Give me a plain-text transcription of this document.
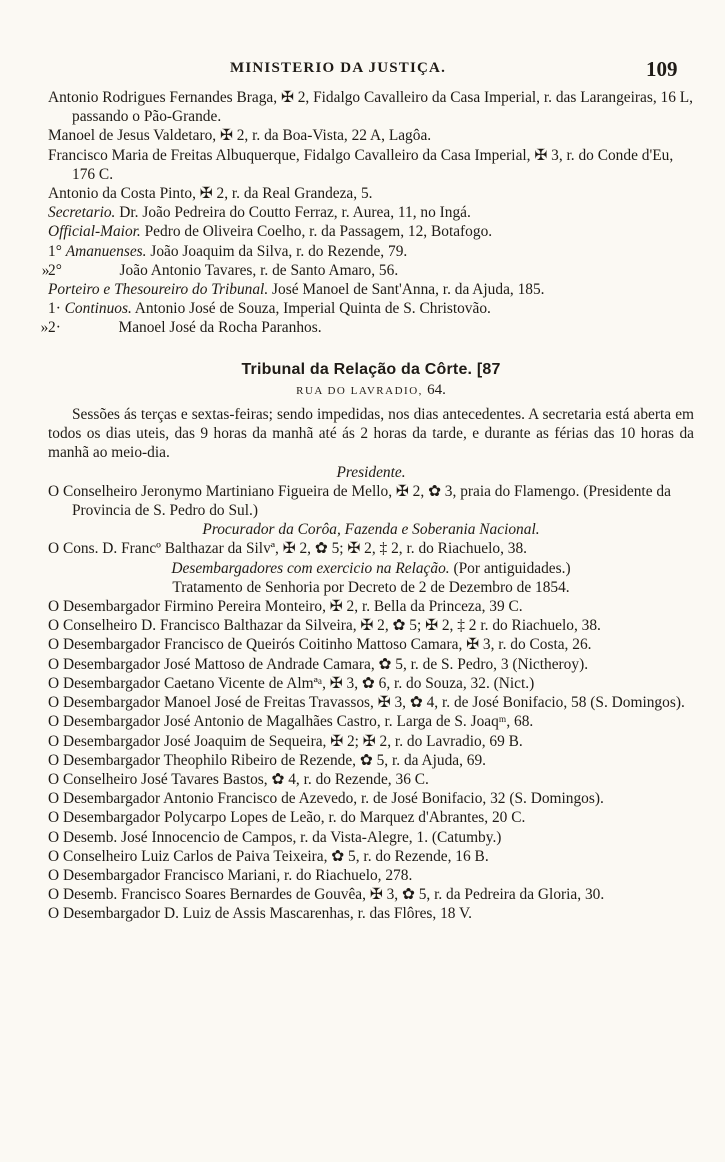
MINISTERIO DA JUSTIÇA.	109

Antonio Rodrigues Fernandes Braga, ✠ 2, Fidalgo Cavalleiro da Casa Imperial, r. das Larangeiras, 16 L, passando o Pão-Grande.

Manoel de Jesus Valdetaro, ✠ 2, r. da Boa-Vista, 22 A, Lagôa.

Francisco Maria de Freitas Albuquerque, Fidalgo Cavalleiro da Casa Imperial, ✠ 3, r. do Conde d'Eu, 176 C.

Antonio da Costa Pinto, ✠ 2, r. da Real Grandeza, 5.

Secretario. Dr. João Pedreira do Coutto Ferraz, r. Aurea, 11, no Ingá.

Official-Maior. Pedro de Oliveira Coelho, r. da Passagem, 12, Botafogo.

1° Amanuenses. João Joaquim da Silva, r. do Rezende, 79.

2° »	João Antonio Tavares, r. de Santo Amaro, 56.

Porteiro e Thesoureiro do Tribunal. José Manoel de Sant'Anna, r. da Ajuda, 185.

1· Continuos. Antonio José de Souza, Imperial Quinta de S. Christovão.

2· »	Manoel José da Rocha Paranhos.

Tribunal da Relação da Côrte. [87
RUA DO LAVRADIO, 64.

Sessões ás terças e sextas-feiras; sendo impedidas, nos dias antecedentes. A secretaria está aberta em todos os dias uteis, das 9 horas da manhã até ás 2 horas da tarde, e durante as férias das 10 horas da manhã ao meio-dia.

Presidente.

O Conselheiro Jeronymo Martiniano Figueira de Mello, ✠ 2, ✿ 3, praia do Flamengo. (Presidente da Provincia de S. Pedro do Sul.)

Procurador da Corôa, Fazenda e Soberania Nacional.

O Cons. D. Francº Balthazar da Silvª, ✠ 2, ✿ 5; ✠ 2, ‡ 2, r. do Riachuelo, 38.

Desembargadores com exercicio na Relação. (Por antiguidades.)
Tratamento de Senhoria por Decreto de 2 de Dezembro de 1854.

O Desembargador Firmino Pereira Monteiro, ✠ 2, r. Bella da Princeza, 39 C.

O Conselheiro D. Francisco Balthazar da Silveira, ✠ 2, ✿ 5; ✠ 2, ‡ 2 r. do Riachuelo, 38.

O Desembargador Francisco de Queirós Coitinho Mattoso Camara, ✠ 3, r. do Costa, 26.

O Desembargador José Mattoso de Andrade Camara, ✿ 5, r. de S. Pedro, 3 (Nictheroy).

O Desembargador Caetano Vicente de Almªᵃ, ✠ 3, ✿ 6, r. do Souza, 32. (Nict.)

O Desembargador Manoel José de Freitas Travassos, ✠ 3, ✿ 4, r. de José Bonifacio, 58 (S. Domingos).

O Desembargador José Antonio de Magalhães Castro, r. Larga de S. Joaqᵐ, 68.

O Desembargador José Joaquim de Sequeira, ✠ 2; ✠ 2, r. do Lavradio, 69 B.

O Desembargador Theophilo Ribeiro de Rezende, ✿ 5, r. da Ajuda, 69.

O Conselheiro José Tavares Bastos, ✿ 4, r. do Rezende, 36 C.

O Desembargador Antonio Francisco de Azevedo, r. de José Bonifacio, 32 (S. Domingos).

O Desembargador Polycarpo Lopes de Leão, r. do Marquez d'Abrantes, 20 C.

O Desemb. José Innocencio de Campos, r. da Vista-Alegre, 1. (Catumby.)

O Conselheiro Luiz Carlos de Paiva Teixeira, ✿ 5, r. do Rezende, 16 B.

O Desembargador Francisco Mariani, r. do Riachuelo, 278.

O Desemb. Francisco Soares Bernardes de Gouvêa, ✠ 3, ✿ 5, r. da Pedreira da Gloria, 30.

O Desembargador D. Luiz de Assis Mascarenhas, r. das Flôres, 18 V.
